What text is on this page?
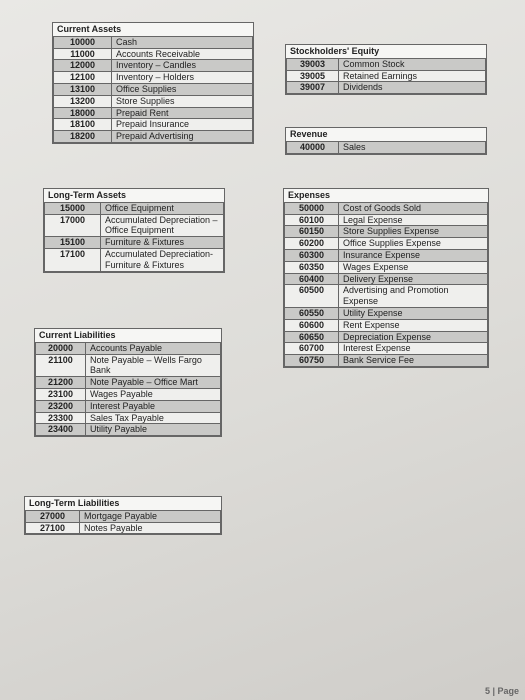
Current Assets
10000	Cash
11000	Accounts Receivable
12000	Inventory – Candles
12100	Inventory – Holders
13100	Office Supplies
13200	Store Supplies
18000	Prepaid Rent
18100	Prepaid Insurance
18200	Prepaid Advertising
Stockholders' Equity
39003	Common Stock
39005	Retained Earnings
39007	Dividends
Revenue
40000	Sales
Long-Term Assets
15000	Office Equipment
17000	Accumulated Depreciation –Office Equipment
15100	Furniture & Fixtures
17100	Accumulated Depreciation-Furniture & Fixtures
Expenses
50000	Cost of Goods Sold
60100	Legal Expense
60150	Store Supplies Expense
60200	Office Supplies Expense
60300	Insurance Expense
60350	Wages Expense
60400	Delivery Expense
60500	Advertising and Promotion Expense
60550	Utility Expense
60600	Rent Expense
60650	Depreciation Expense
60700	Interest Expense
60750	Bank Service Fee
Current Liabilities
20000	Accounts Payable
21100	Note Payable – Wells Fargo Bank
21200	Note Payable – Office Mart
23100	Wages Payable
23200	Interest Payable
23300	Sales Tax Payable
23400	Utility Payable
Long-Term Liabilities
27000	Mortgage Payable
27100	Notes Payable
5 | Page
